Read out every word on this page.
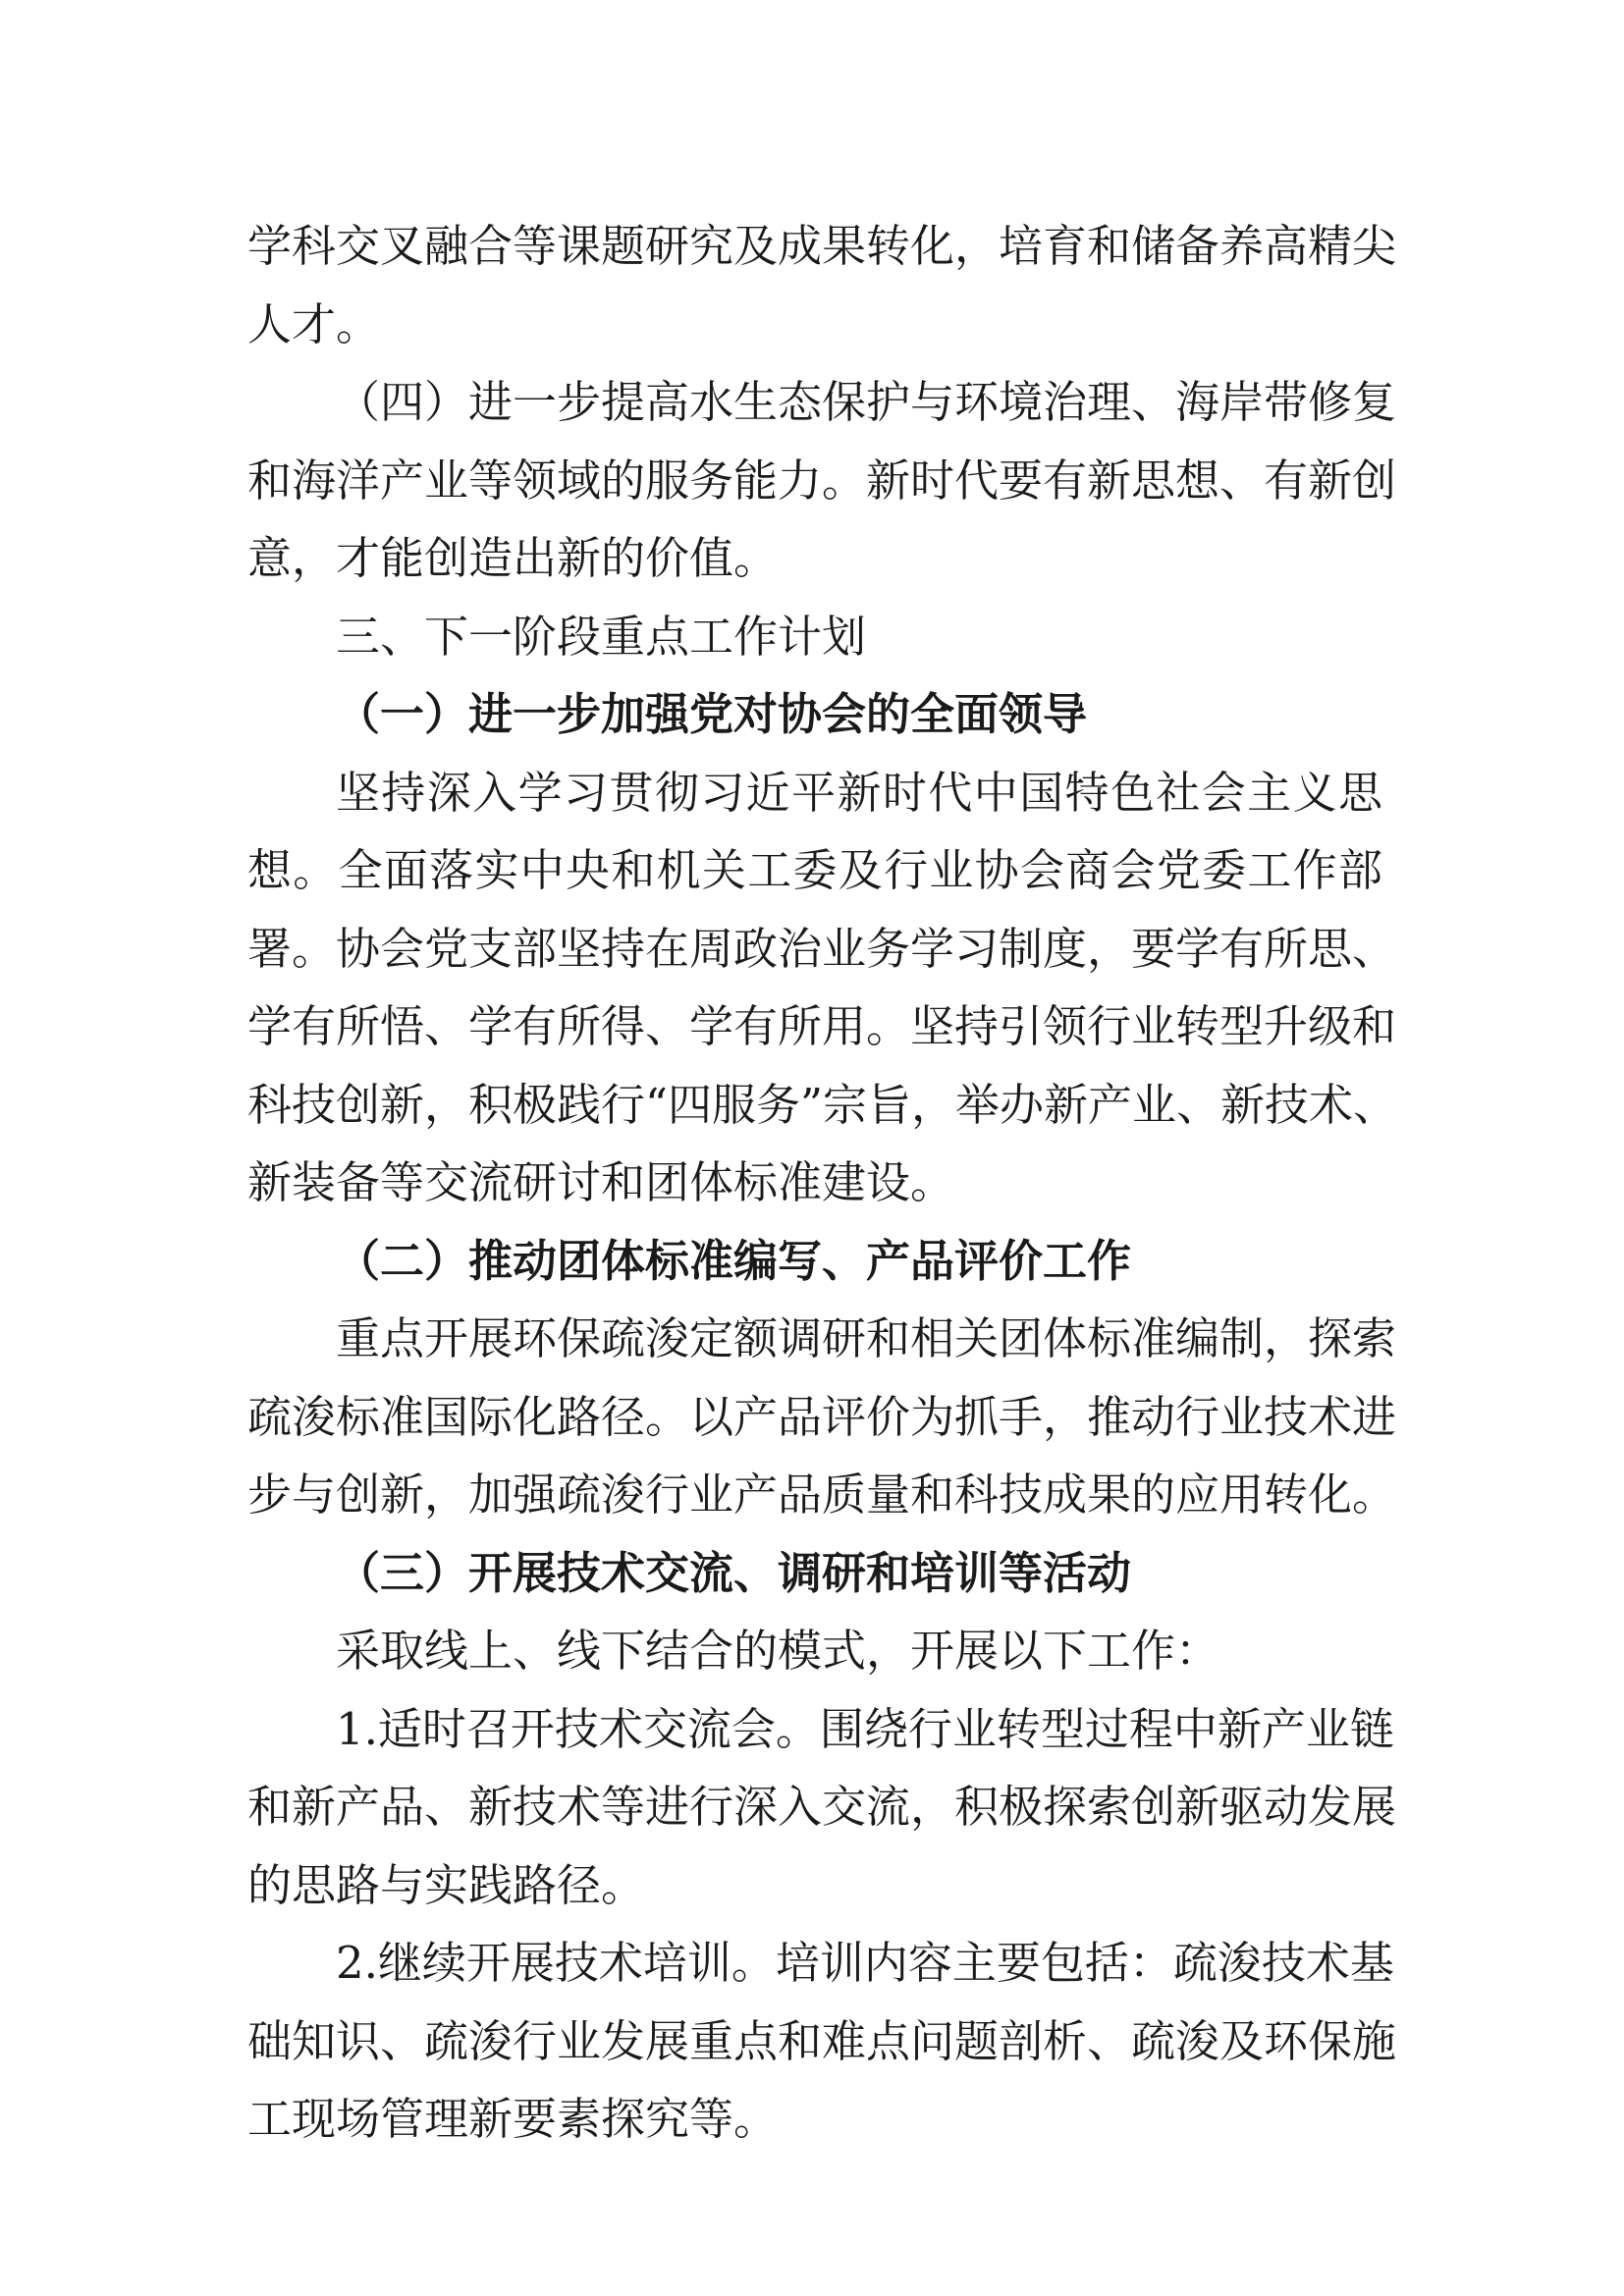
学科交叉融合等课题研究及成果转化，培育和储备养高精尖
人才。
（四）进一步提高水生态保护与环境治理、海岸带修复
和海洋产业等领域的服务能力。新时代要有新思想、有新创
意，才能创造出新的价值。
三、下一阶段重点工作计划
（一）进一步加强党对协会的全面领导
坚持深入学习贯彻习近平新时代中国特色社会主义思
想。全面落实中央和机关工委及行业协会商会党委工作部
署。协会党支部坚持在周政治业务学习制度，要学有所思、
学有所悟、学有所得、学有所用。坚持引领行业转型升级和
科技创新，积极践行“四服务”宗旨，举办新产业、新技术、
新装备等交流研讨和团体标准建设。
（二）推动团体标准编写、产品评价工作
重点开展环保疏浚定额调研和相关团体标准编制，探索
疏浚标准国际化路径。以产品评价为抓手，推动行业技术进
步与创新，加强疏浚行业产品质量和科技成果的应用转化。
（三）开展技术交流、调研和培训等活动
采取线上、线下结合的模式，开展以下工作：
1.适时召开技术交流会。围绕行业转型过程中新产业链
和新产品、新技术等进行深入交流，积极探索创新驱动发展
的思路与实践路径。
2.继续开展技术培训。培训内容主要包括：疏浚技术基
础知识、疏浚行业发展重点和难点问题剖析、疏浚及环保施
工现场管理新要素探究等。
